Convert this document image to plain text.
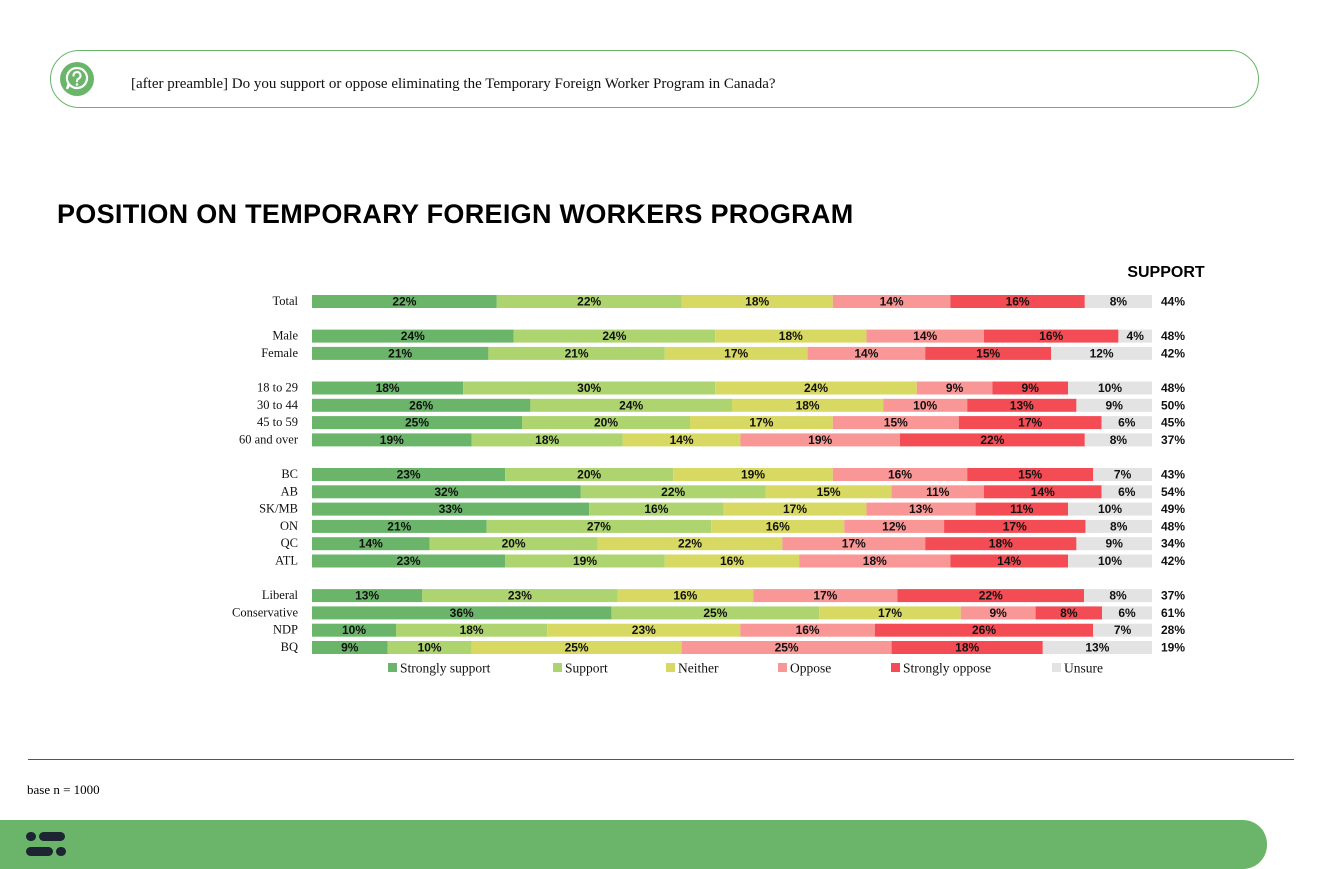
[after preamble] Do you support or oppose eliminating the Temporary Foreign Worker Program in Canada?
POSITION ON TEMPORARY FOREIGN WORKERS PROGRAM
SUPPORT
Total	22%	22%	18%	14%	16%	8%	44%
Male	24%	24%	18%	14%	16%	4% 48%
Female	21%	21%	17%	14%	15%	12%	42%
18 to 29	18%	30%	24%	9%	9%	10%	48%
30 to 44	26%	24%	18%	10%	13%	9%	50%
45 to 59	25%	20%	17%	15%	17%	6% 45%
60 and over	19%	18%	14%	19%	22%	8%	37%
BC	23%	20%	19%	16%	15%	7% 43%
AB	32%	22%	15%	11%	14%	6% 54%
SK/MB	33%	16%	17%	13%	11%	10%	49%
ON	21%	27%	16%	12%	17%	8%	48%
QC	14%	20%	22%	17%	18%	9%	34%
ATL	23%	19%	16%	18%	14%	10%	42%
Liberal	13%	23%	16%	17%	22%	8%	37%
Conservative	36%	25%	17%	9%	8%	6% 61%
NDP	10%	18%	23%	16%	26%	7% 28%
BQ	9%	10%	25%	25%	18%	13%	19%
Strongly support	Support	Neither	Oppose	Strongly oppose	Unsure
base n = 1000
